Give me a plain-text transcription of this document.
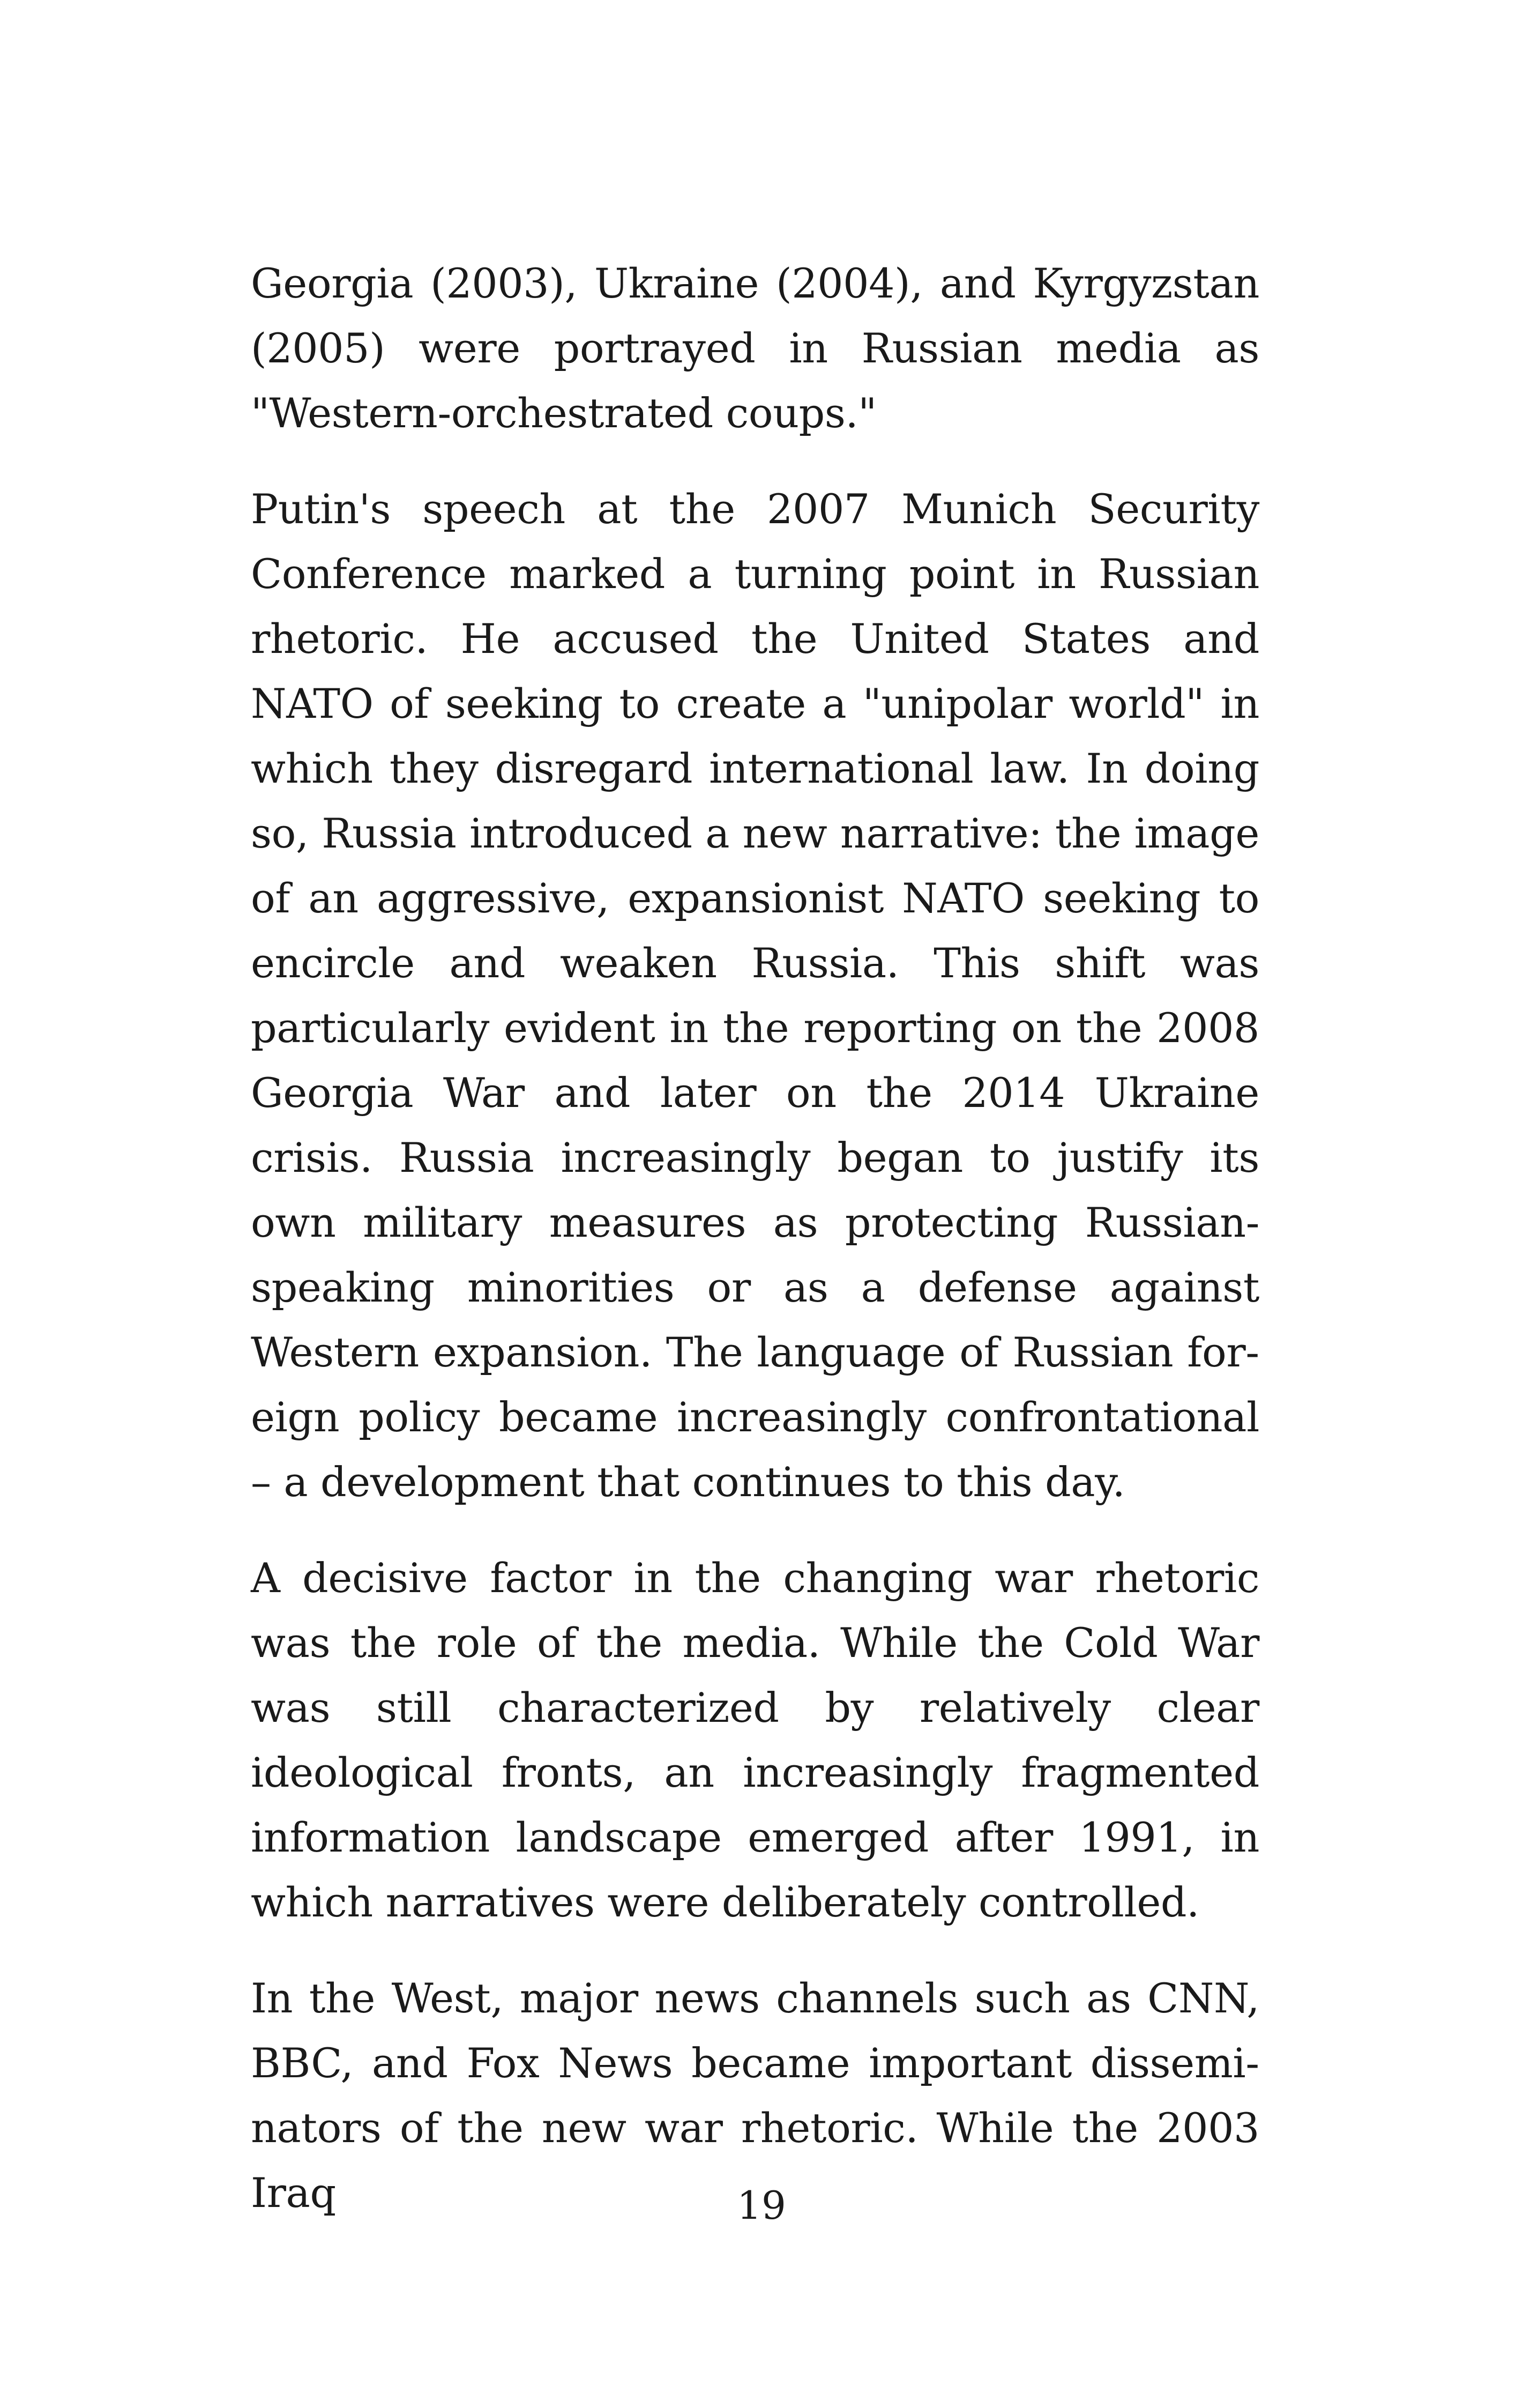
Georgia (2003), Ukraine (2004), and Kyrgyzstan (2005) were portrayed in Russian media as "Western-orchestrated coups."

Putin's speech at the 2007 Munich Security Conference marked a turning point in Russian rhetoric. He accused the United States and NATO of seeking to create a "unipolar world" in which they disregard international law. In doing so, Russia introduced a new narrative: the image of an aggressive, expansionist NATO seeking to encircle and weaken Russia. This shift was particularly evident in the reporting on the 2008 Georgia War and later on the 2014 Ukraine crisis. Russia increasingly began to justify its own military measures as protecting Russian-speaking minorities or as a defense against Western expansion. The language of Russian foreign policy became increasingly confrontational – a development that continues to this day.

A decisive factor in the changing war rhetoric was the role of the media. While the Cold War was still characterized by relatively clear ideological fronts, an increasingly fragmented information landscape emerged after 1991, in which narratives were deliberately controlled.

In the West, major news channels such as CNN, BBC, and Fox News became important disseminators of the new war rhetoric. While the 2003 Iraq	19
